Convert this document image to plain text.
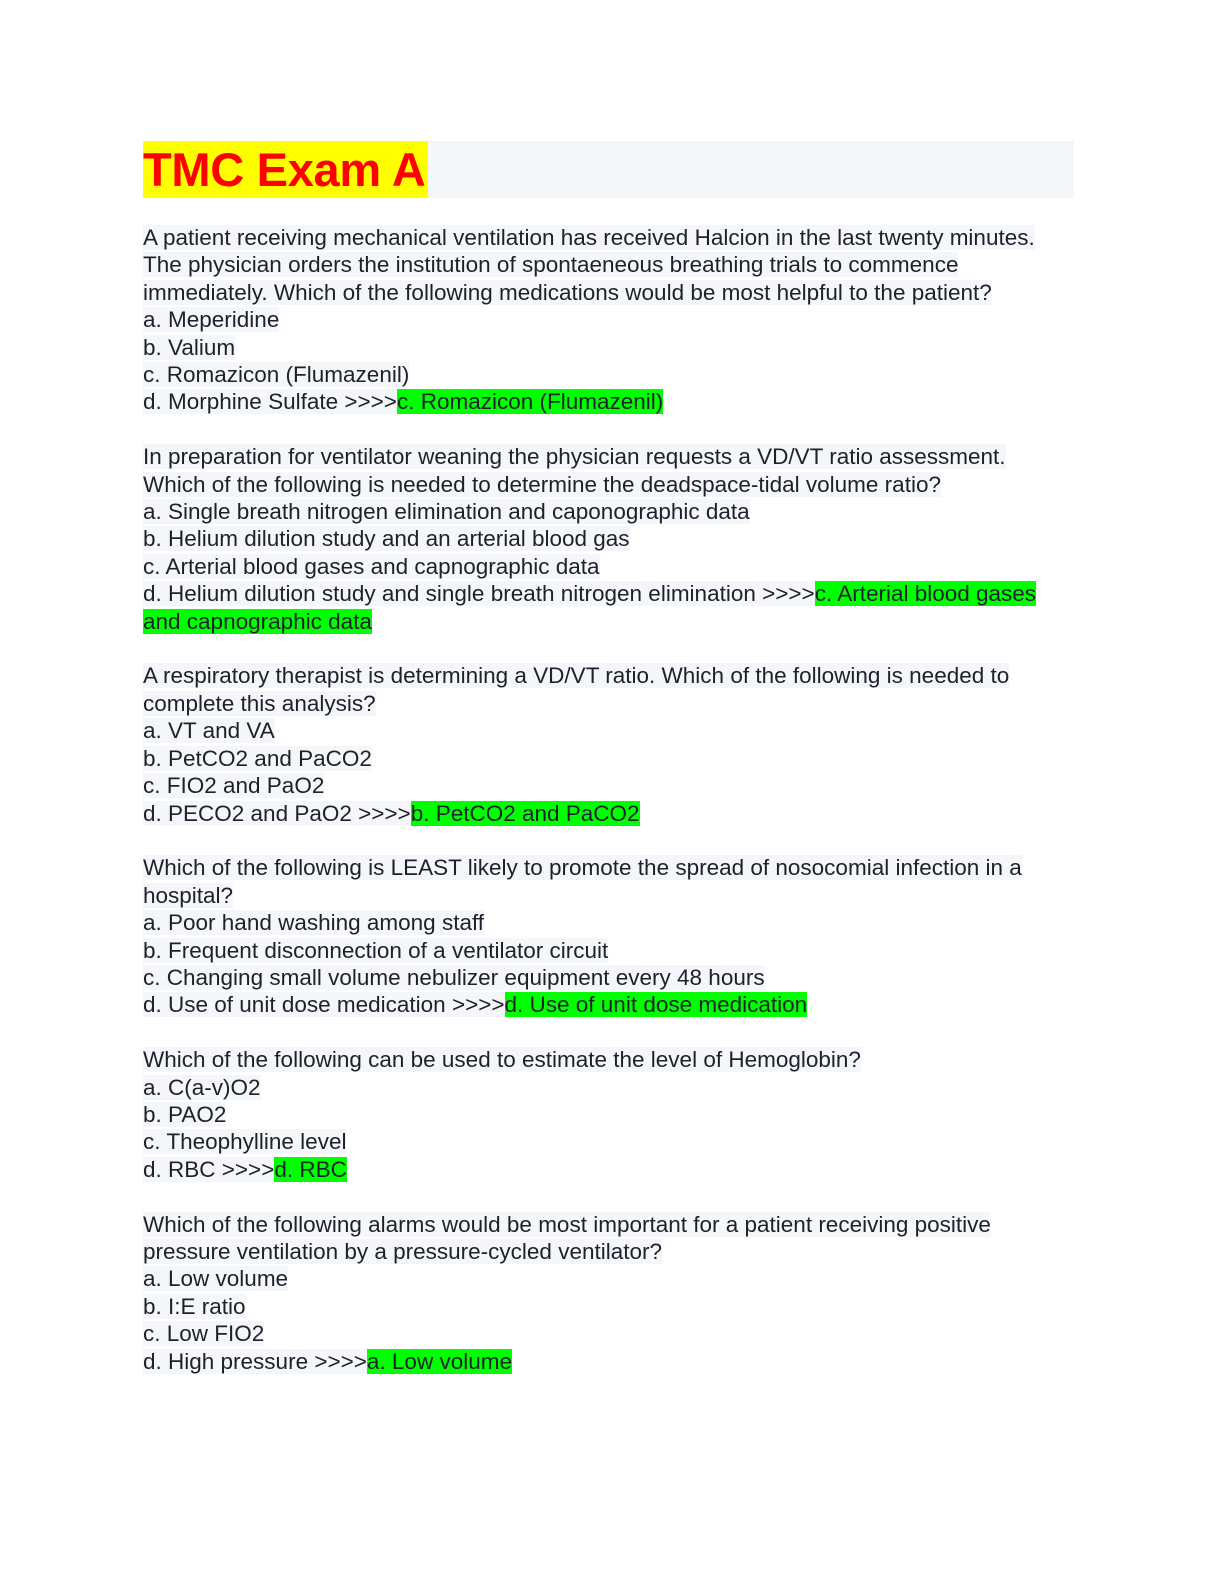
TMC Exam A
A patient receiving mechanical ventilation has received Halcion in the last twenty minutes. The physician orders the institution of spontaeneous breathing trials to commence immediately. Which of the following medications would be most helpful to the patient?
a. Meperidine
b. Valium
c. Romazicon (Flumazenil)
d. Morphine Sulfate >>>>c. Romazicon (Flumazenil)
In preparation for ventilator weaning the physician requests a VD/VT ratio assessment. Which of the following is needed to determine the deadspace-tidal volume ratio?
a. Single breath nitrogen elimination and caponographic data
b. Helium dilution study and an arterial blood gas
c. Arterial blood gases and capnographic data
d. Helium dilution study and single breath nitrogen elimination >>>>c. Arterial blood gases and capnographic data
A respiratory therapist is determining a VD/VT ratio. Which of the following is needed to complete this analysis?
a. VT and VA
b. PetCO2 and PaCO2
c. FIO2 and PaO2
d. PECO2 and PaO2 >>>>b. PetCO2 and PaCO2
Which of the following is LEAST likely to promote the spread of nosocomial infection in a hospital?
a. Poor hand washing among staff
b. Frequent disconnection of a ventilator circuit
c. Changing small volume nebulizer equipment every 48 hours
d. Use of unit dose medication >>>>d. Use of unit dose medication
Which of the following can be used to estimate the level of Hemoglobin?
a. C(a-v)O2
b. PAO2
c. Theophylline level
d. RBC >>>>d. RBC
Which of the following alarms would be most important for a patient receiving positive pressure ventilation by a pressure-cycled ventilator?
a. Low volume
b. I:E ratio
c. Low FIO2
d. High pressure >>>>a. Low volume
